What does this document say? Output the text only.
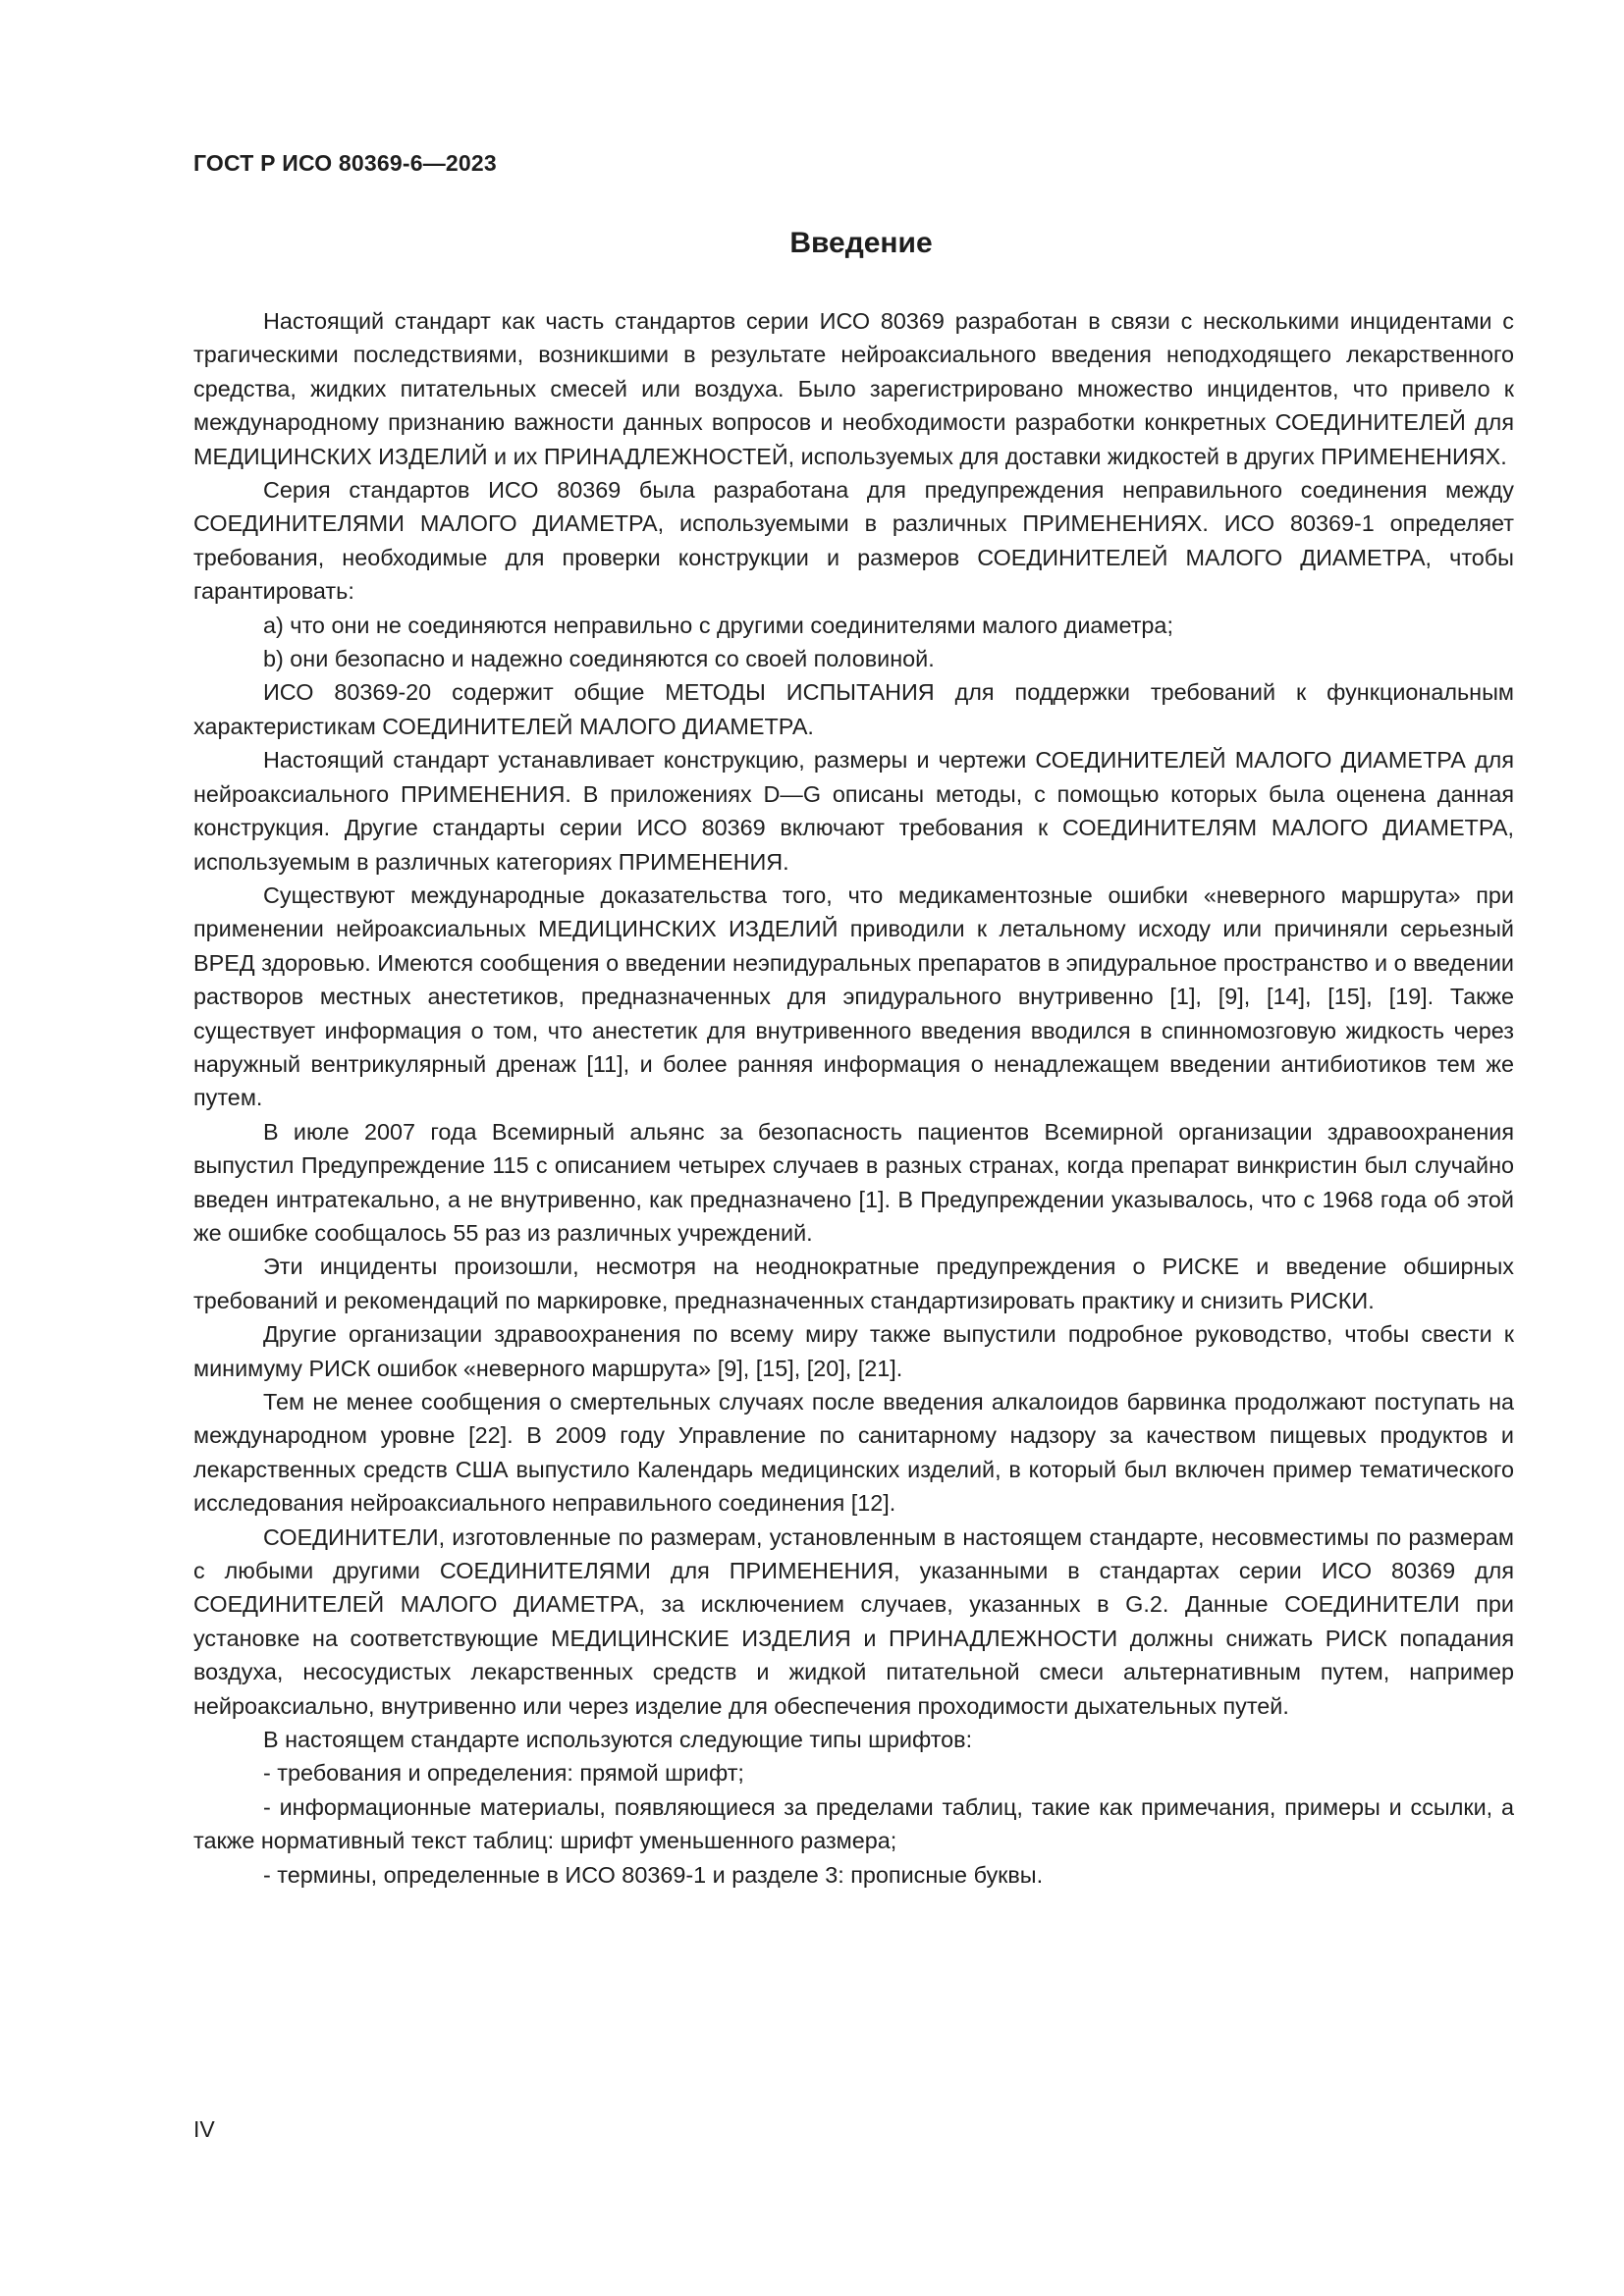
ГОСТ Р ИСО 80369-6—2023
Введение

Настоящий стандарт как часть стандартов серии ИСО 80369 разработан в связи с несколькими инцидентами с трагическими последствиями, возникшими в результате нейроаксиального введения неподходящего лекарственного средства, жидких питательных смесей или воздуха. Было зарегистрировано множество инцидентов, что привело к международному признанию важности данных вопросов и необходимости разработки конкретных СОЕДИНИТЕЛЕЙ для МЕДИЦИНСКИХ ИЗДЕЛИЙ и их ПРИНАДЛЕЖНОСТЕЙ, используемых для доставки жидкостей в других ПРИМЕНЕНИЯХ.

Серия стандартов ИСО 80369 была разработана для предупреждения неправильного соединения между СОЕДИНИТЕЛЯМИ МАЛОГО ДИАМЕТРА, используемыми в различных ПРИМЕНЕНИЯХ. ИСО 80369-1 определяет требования, необходимые для проверки конструкции и размеров СОЕДИНИТЕЛЕЙ МАЛОГО ДИАМЕТРА, чтобы гарантировать:

a) что они не соединяются неправильно с другими соединителями малого диаметра;

b) они безопасно и надежно соединяются со своей половиной.

ИСО 80369-20 содержит общие МЕТОДЫ ИСПЫТАНИЯ для поддержки требований к функциональным характеристикам СОЕДИНИТЕЛЕЙ МАЛОГО ДИАМЕТРА.

Настоящий стандарт устанавливает конструкцию, размеры и чертежи СОЕДИНИТЕЛЕЙ МАЛОГО ДИАМЕТРА для нейроаксиального ПРИМЕНЕНИЯ. В приложениях D—G описаны методы, с помощью которых была оценена данная конструкция. Другие стандарты серии ИСО 80369 включают требования к СОЕДИНИТЕЛЯМ МАЛОГО ДИАМЕТРА, используемым в различных категориях ПРИМЕНЕНИЯ.

Существуют международные доказательства того, что медикаментозные ошибки «неверного маршрута» при применении нейроаксиальных МЕДИЦИНСКИХ ИЗДЕЛИЙ приводили к летальному исходу или причиняли серьезный ВРЕД здоровью. Имеются сообщения о введении неэпидуральных препаратов в эпидуральное пространство и о введении растворов местных анестетиков, предназначенных для эпидурального внутривенно [1], [9], [14], [15], [19]. Также существует информация о том, что анестетик для внутривенного введения вводился в спинномозговую жидкость через наружный вентрикулярный дренаж [11], и более ранняя информация о ненадлежащем введении антибиотиков тем же путем.

В июле 2007 года Всемирный альянс за безопасность пациентов Всемирной организации здравоохранения выпустил Предупреждение 115 с описанием четырех случаев в разных странах, когда препарат винкристин был случайно введен интратекально, а не внутривенно, как предназначено [1]. В Предупреждении указывалось, что с 1968 года об этой же ошибке сообщалось 55 раз из различных учреждений.

Эти инциденты произошли, несмотря на неоднократные предупреждения о РИСКЕ и введение обширных требований и рекомендаций по маркировке, предназначенных стандартизировать практику и снизить РИСКИ.

Другие организации здравоохранения по всему миру также выпустили подробное руководство, чтобы свести к минимуму РИСК ошибок «неверного маршрута» [9], [15], [20], [21].

Тем не менее сообщения о смертельных случаях после введения алкалоидов барвинка продолжают поступать на международном уровне [22]. В 2009 году Управление по санитарному надзору за качеством пищевых продуктов и лекарственных средств США выпустило Календарь медицинских изделий, в который был включен пример тематического исследования нейроаксиального неправильного соединения [12].

СОЕДИНИТЕЛИ, изготовленные по размерам, установленным в настоящем стандарте, несовместимы по размерам с любыми другими СОЕДИНИТЕЛЯМИ для ПРИМЕНЕНИЯ, указанными в стандартах серии ИСО 80369 для СОЕДИНИТЕЛЕЙ МАЛОГО ДИАМЕТРА, за исключением случаев, указанных в G.2. Данные СОЕДИНИТЕЛИ при установке на соответствующие МЕДИЦИНСКИЕ ИЗДЕЛИЯ и ПРИНАДЛЕЖНОСТИ должны снижать РИСК попадания воздуха, несосудистых лекарственных средств и жидкой питательной смеси альтернативным путем, например нейроаксиально, внутривенно или через изделие для обеспечения проходимости дыхательных путей.

В настоящем стандарте используются следующие типы шрифтов:

- требования и определения: прямой шрифт;

- информационные материалы, появляющиеся за пределами таблиц, такие как примечания, примеры и ссылки, а также нормативный текст таблиц: шрифт уменьшенного размера;

- термины, определенные в ИСО 80369-1 и разделе 3: прописные буквы.

IV
